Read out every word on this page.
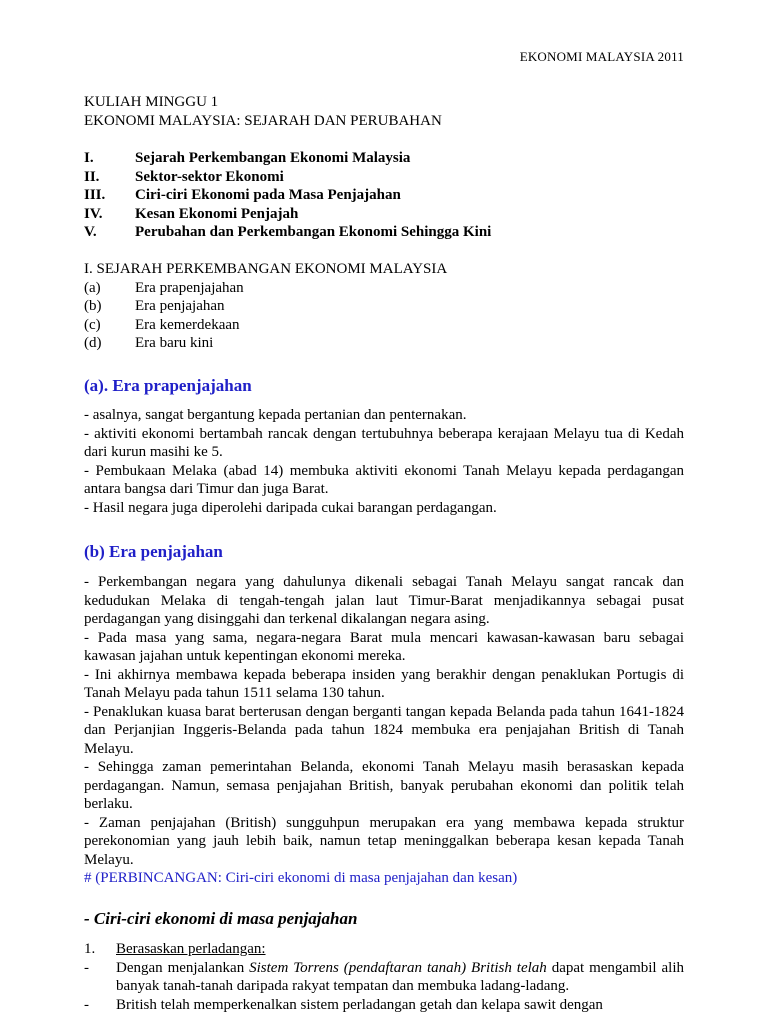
EKONOMI MALAYSIA 2011
KULIAH MINGGU 1
EKONOMI MALAYSIA: SEJARAH DAN PERUBAHAN
I.	Sejarah Perkembangan Ekonomi Malaysia
II.	Sektor-sektor Ekonomi
III.	Ciri-ciri Ekonomi pada Masa Penjajahan
IV.	Kesan Ekonomi Penjajah
V.	Perubahan dan Perkembangan Ekonomi Sehingga Kini
I. SEJARAH PERKEMBANGAN EKONOMI MALAYSIA
(a)	Era prapenjajahan
(b)	Era penjajahan
(c)	Era kemerdekaan
(d)	Era baru kini
(a). Era prapenjajahan
- asalnya, sangat bergantung kepada pertanian dan penternakan.
- aktiviti ekonomi bertambah rancak dengan tertubuhnya beberapa kerajaan Melayu tua di Kedah dari kurun masihi ke 5.
- Pembukaan Melaka (abad 14) membuka aktiviti ekonomi Tanah Melayu kepada perdagangan antara bangsa dari Timur dan juga Barat.
- Hasil negara juga diperolehi daripada cukai barangan perdagangan.
(b) Era penjajahan
- Perkembangan negara yang dahulunya dikenali sebagai Tanah Melayu sangat rancak dan kedudukan Melaka di tengah-tengah jalan laut Timur-Barat menjadikannya sebagai pusat perdagangan yang disinggahi dan terkenal dikalangan negara asing.
- Pada masa yang sama, negara-negara Barat mula mencari kawasan-kawasan baru sebagai kawasan jajahan untuk kepentingan ekonomi mereka.
- Ini akhirnya membawa kepada beberapa insiden yang berakhir dengan penaklukan Portugis di Tanah Melayu pada tahun 1511 selama 130 tahun.
- Penaklukan kuasa barat berterusan dengan berganti tangan kepada Belanda pada tahun 1641-1824 dan Perjanjian Inggeris-Belanda pada tahun 1824 membuka era penjajahan British di Tanah Melayu.
- Sehingga zaman pemerintahan Belanda, ekonomi Tanah Melayu masih berasaskan kepada perdagangan. Namun, semasa penjajahan British, banyak perubahan ekonomi dan politik telah berlaku.
- Zaman penjajahan (British) sungguhpun merupakan era yang membawa kepada struktur perekonomian yang jauh lebih baik, namun tetap meninggalkan beberapa kesan kepada Tanah Melayu.
# (PERBINCANGAN: Ciri-ciri ekonomi di masa penjajahan dan kesan)
- Ciri-ciri ekonomi di masa penjajahan
1.	Berasaskan perladangan:
-	Dengan menjalankan Sistem Torrens (pendaftaran tanah) British telah dapat mengambil alih banyak tanah-tanah daripada rakyat tempatan dan membuka ladang-ladang.
-	British telah memperkenalkan sistem perladangan getah dan kelapa sawit dengan
